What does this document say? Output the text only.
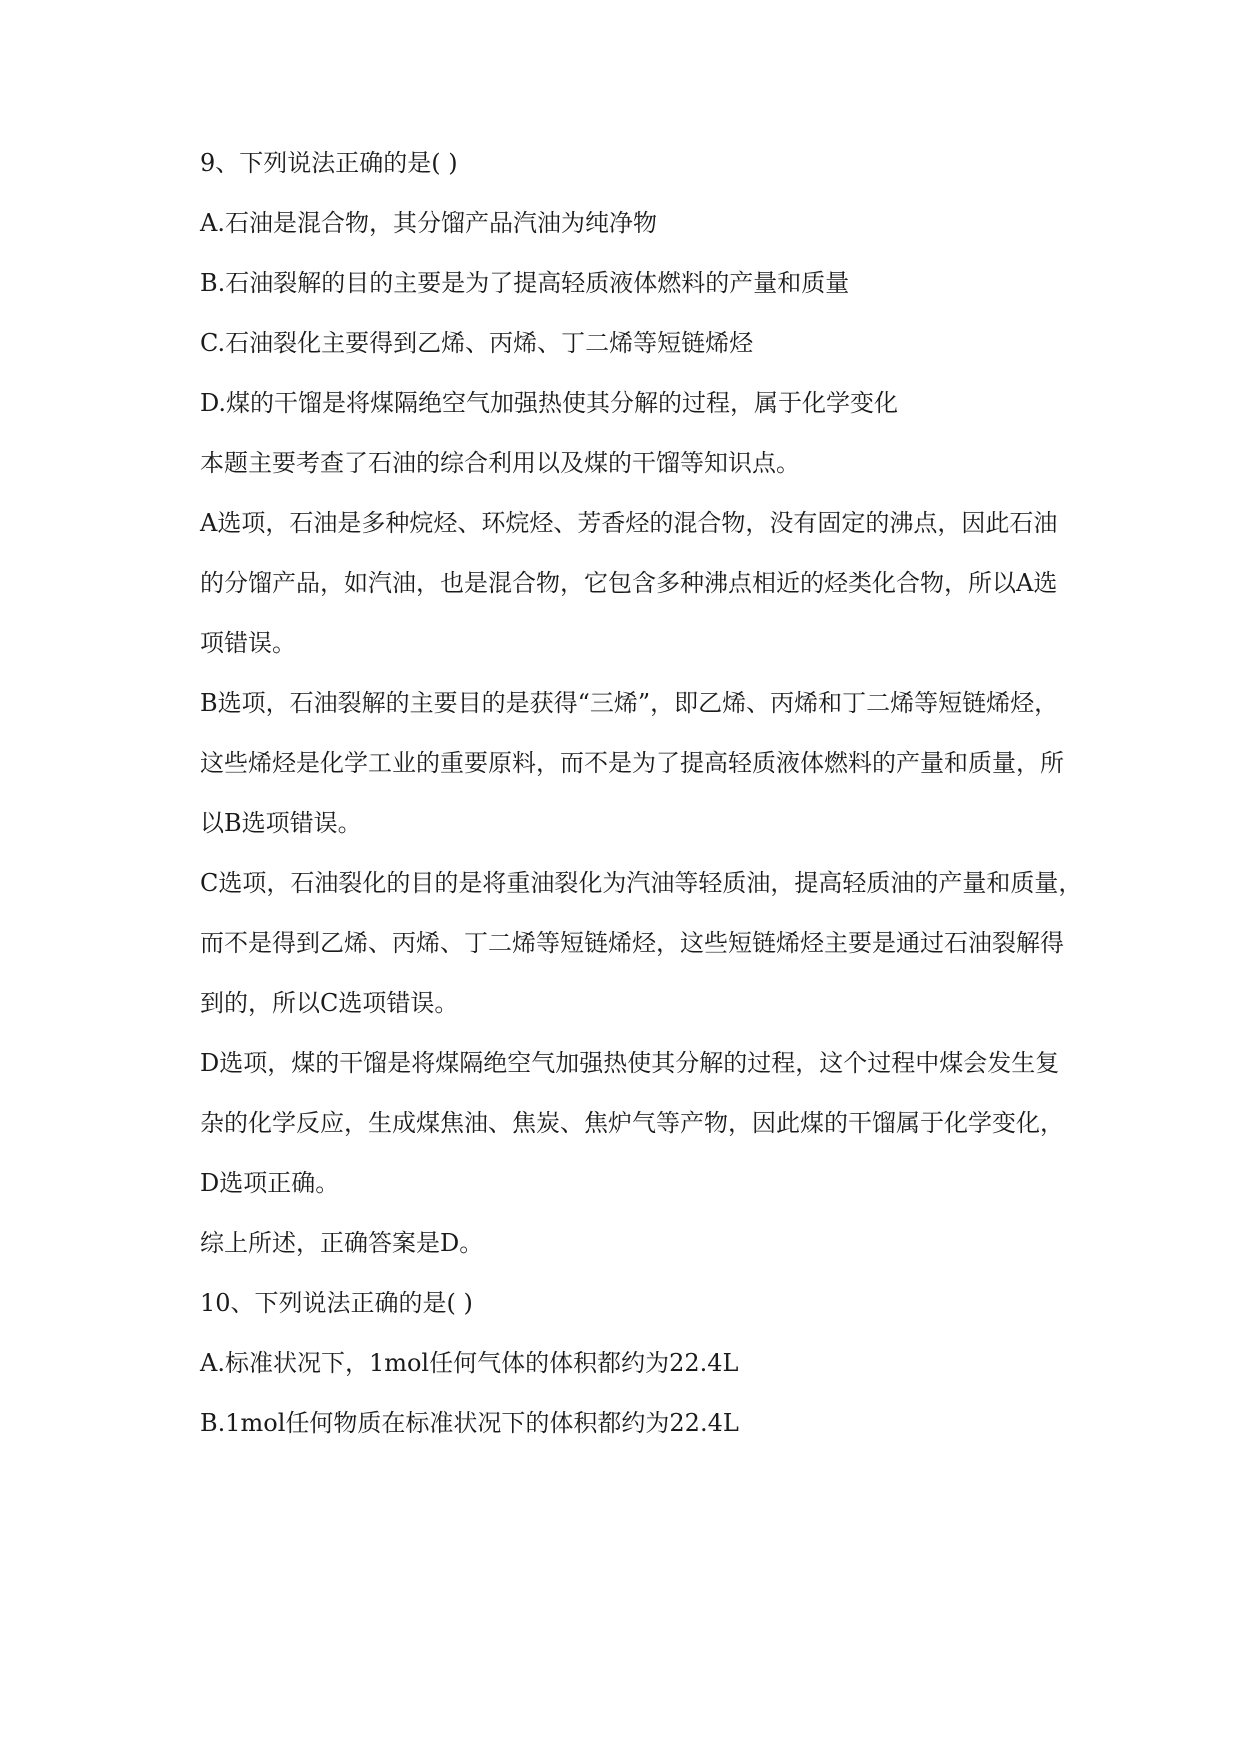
9、下列说法正确的是( )
A.石油是混合物，其分馏产品汽油为纯净物
B.石油裂解的目的主要是为了提高轻质液体燃料的产量和质量
C.石油裂化主要得到乙烯、丙烯、丁二烯等短链烯烃
D.煤的干馏是将煤隔绝空气加强热使其分解的过程，属于化学变化
本题主要考查了石油的综合利用以及煤的干馏等知识点。
A选项，石油是多种烷烃、环烷烃、芳香烃的混合物，没有固定的沸点，因此石油
的分馏产品，如汽油，也是混合物，它包含多种沸点相近的烃类化合物，所以A选
项错误。
B选项，石油裂解的主要目的是获得“三烯”，即乙烯、丙烯和丁二烯等短链烯烃，
这些烯烃是化学工业的重要原料，而不是为了提高轻质液体燃料的产量和质量，所
以B选项错误。
C选项，石油裂化的目的是将重油裂化为汽油等轻质油，提高轻质油的产量和质量，
而不是得到乙烯、丙烯、丁二烯等短链烯烃，这些短链烯烃主要是通过石油裂解得
到的，所以C选项错误。
D选项，煤的干馏是将煤隔绝空气加强热使其分解的过程，这个过程中煤会发生复
杂的化学反应，生成煤焦油、焦炭、焦炉气等产物，因此煤的干馏属于化学变化，
D选项正确。
综上所述，正确答案是D。
10、下列说法正确的是( )
A.标准状况下，1mol任何气体的体积都约为22.4L
B.1mol任何物质在标准状况下的体积都约为22.4L
